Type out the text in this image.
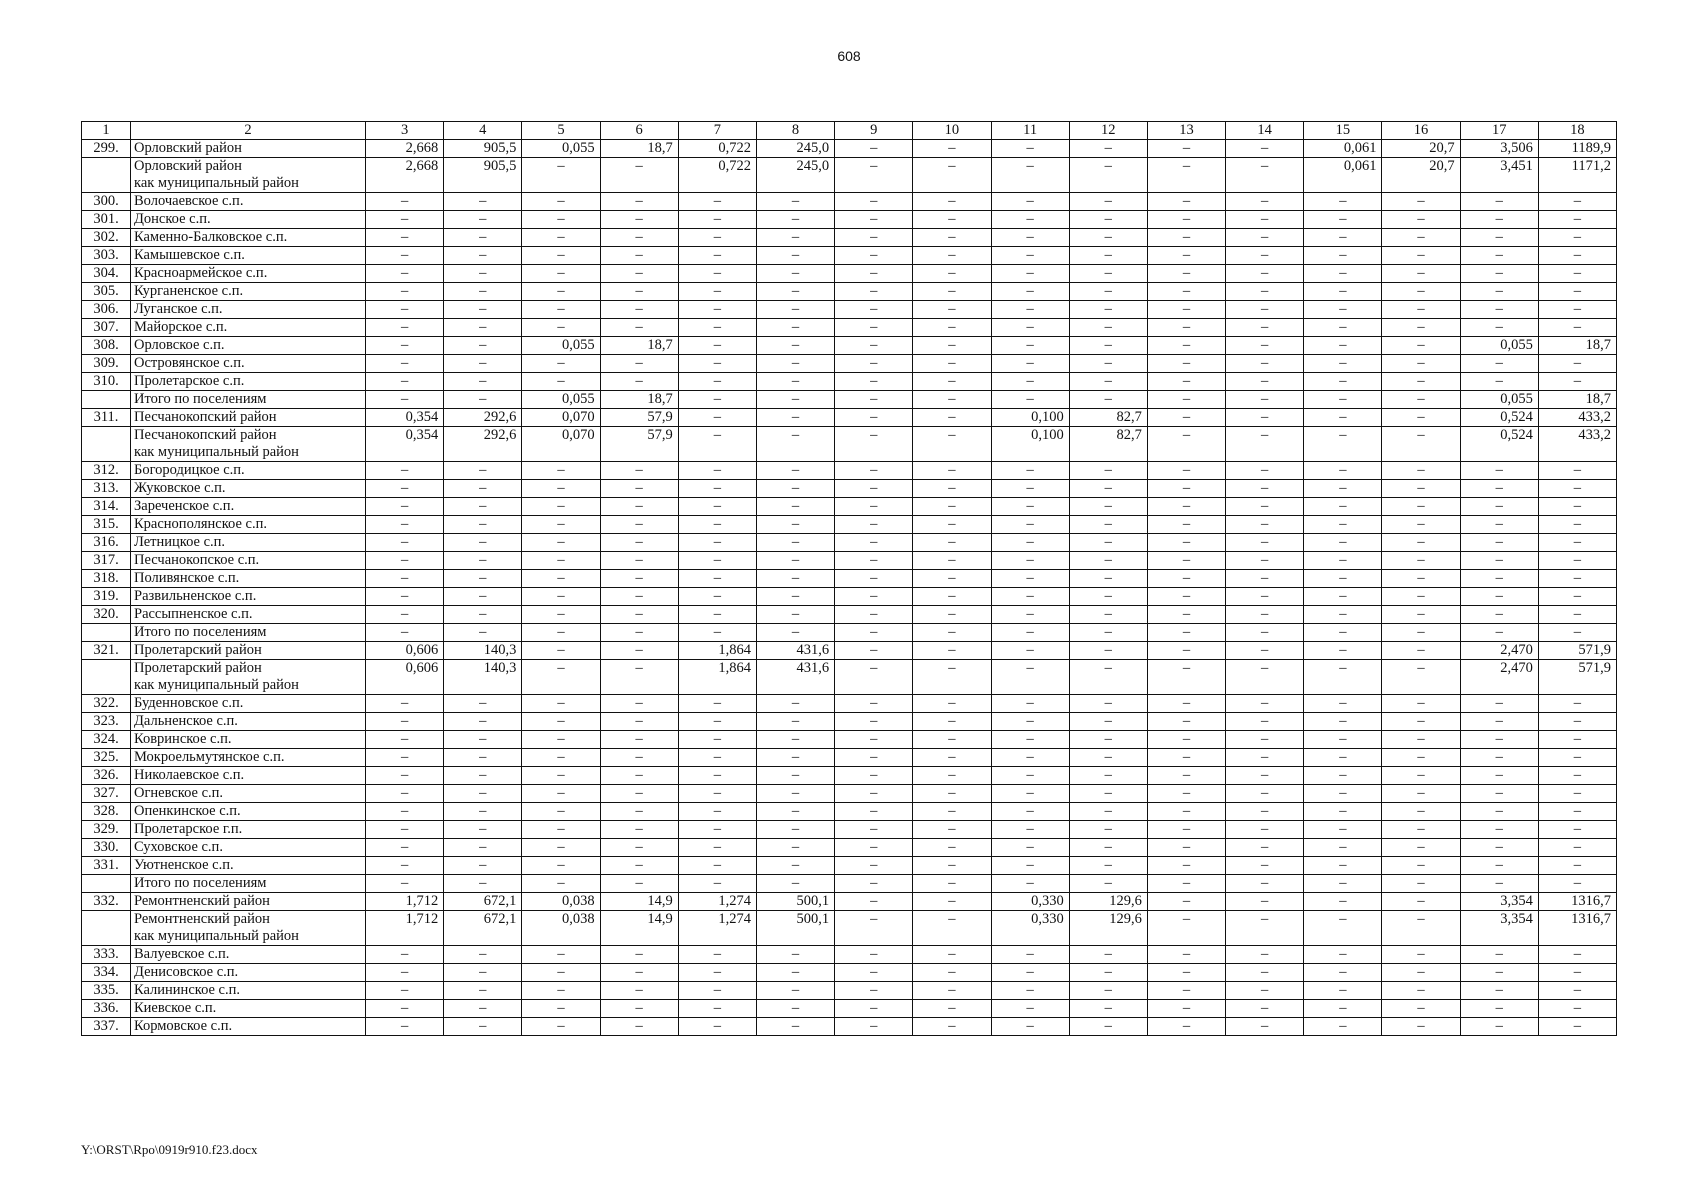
608
1	2	3	4	5	6	7	8	9	10	11	12	13	14	15	16	17	18
299.	Орловский район	2,668	905,5	0,055	18,7	0,722	245,0	–	–	–	–	–	–	0,061	20,7	3,506	1189,9
	Орловский район
как муниципальный район	2,668	905,5	–	–	0,722	245,0	–	–	–	–	–	–	0,061	20,7	3,451	1171,2
300.	Волочаевское с.п.	–	–	–	–	–	–	–	–	–	–	–	–	–	–	–	–
301.	Донское с.п.	–	–	–	–	–	–	–	–	–	–	–	–	–	–	–	–
302.	Каменно-Балковское с.п.	–	–	–	–	–	–	–	–	–	–	–	–	–	–	–	–
303.	Камышевское с.п.	–	–	–	–	–	–	–	–	–	–	–	–	–	–	–	–
304.	Красноармейское с.п.	–	–	–	–	–	–	–	–	–	–	–	–	–	–	–	–
305.	Курганенское с.п.	–	–	–	–	–	–	–	–	–	–	–	–	–	–	–	–
306.	Луганское с.п.	–	–	–	–	–	–	–	–	–	–	–	–	–	–	–	–
307.	Майорское с.п.	–	–	–	–	–	–	–	–	–	–	–	–	–	–	–	–
308.	Орловское с.п.	–	–	0,055	18,7	–	–	–	–	–	–	–	–	–	–	0,055	18,7
309.	Островянское с.п.	–	–	–	–	–	–	–	–	–	–	–	–	–	–	–	–
310.	Пролетарское с.п.	–	–	–	–	–	–	–	–	–	–	–	–	–	–	–	–
	Итого по поселениям	–	–	0,055	18,7	–	–	–	–	–	–	–	–	–	–	0,055	18,7
311.	Песчанокопский район	0,354	292,6	0,070	57,9	–	–	–	–	0,100	82,7	–	–	–	–	0,524	433,2
	Песчанокопский район
как муниципальный район	0,354	292,6	0,070	57,9	–	–	–	–	0,100	82,7	–	–	–	–	0,524	433,2
312.	Богородицкое с.п.	–	–	–	–	–	–	–	–	–	–	–	–	–	–	–	–
313.	Жуковское с.п.	–	–	–	–	–	–	–	–	–	–	–	–	–	–	–	–
314.	Зареченское с.п.	–	–	–	–	–	–	–	–	–	–	–	–	–	–	–	–
315.	Краснополянское с.п.	–	–	–	–	–	–	–	–	–	–	–	–	–	–	–	–
316.	Летницкое с.п.	–	–	–	–	–	–	–	–	–	–	–	–	–	–	–	–
317.	Песчанокопское с.п.	–	–	–	–	–	–	–	–	–	–	–	–	–	–	–	–
318.	Поливянское с.п.	–	–	–	–	–	–	–	–	–	–	–	–	–	–	–	–
319.	Развильненское с.п.	–	–	–	–	–	–	–	–	–	–	–	–	–	–	–	–
320.	Рассыпненское с.п.	–	–	–	–	–	–	–	–	–	–	–	–	–	–	–	–
	Итого по поселениям	–	–	–	–	–	–	–	–	–	–	–	–	–	–	–	–
321.	Пролетарский район	0,606	140,3	–	–	1,864	431,6	–	–	–	–	–	–	–	–	2,470	571,9
	Пролетарский район
как муниципальный район	0,606	140,3	–	–	1,864	431,6	–	–	–	–	–	–	–	–	2,470	571,9
322.	Буденновское с.п.	–	–	–	–	–	–	–	–	–	–	–	–	–	–	–	–
323.	Дальненское с.п.	–	–	–	–	–	–	–	–	–	–	–	–	–	–	–	–
324.	Ковринское с.п.	–	–	–	–	–	–	–	–	–	–	–	–	–	–	–	–
325.	Мокроельмутянское с.п.	–	–	–	–	–	–	–	–	–	–	–	–	–	–	–	–
326.	Николаевское с.п.	–	–	–	–	–	–	–	–	–	–	–	–	–	–	–	–
327.	Огневское с.п.	–	–	–	–	–	–	–	–	–	–	–	–	–	–	–	–
328.	Опенкинское с.п.	–	–	–	–	–	–	–	–	–	–	–	–	–	–	–	–
329.	Пролетарское г.п.	–	–	–	–	–	–	–	–	–	–	–	–	–	–	–	–
330.	Суховское с.п.	–	–	–	–	–	–	–	–	–	–	–	–	–	–	–	–
331.	Уютненское с.п.	–	–	–	–	–	–	–	–	–	–	–	–	–	–	–	–
	Итого по поселениям	–	–	–	–	–	–	–	–	–	–	–	–	–	–	–	–
332.	Ремонтненский район	1,712	672,1	0,038	14,9	1,274	500,1	–	–	0,330	129,6	–	–	–	–	3,354	1316,7
	Ремонтненский район
как муниципальный район	1,712	672,1	0,038	14,9	1,274	500,1	–	–	0,330	129,6	–	–	–	–	3,354	1316,7
333.	Валуевское с.п.	–	–	–	–	–	–	–	–	–	–	–	–	–	–	–	–
334.	Денисовское с.п.	–	–	–	–	–	–	–	–	–	–	–	–	–	–	–	–
335.	Калининское с.п.	–	–	–	–	–	–	–	–	–	–	–	–	–	–	–	–
336.	Киевское с.п.	–	–	–	–	–	–	–	–	–	–	–	–	–	–	–	–
337.	Кормовское с.п.	–	–	–	–	–	–	–	–	–	–	–	–	–	–	–	–
Y:\ORST\Rpo\0919r910.f23.docx
